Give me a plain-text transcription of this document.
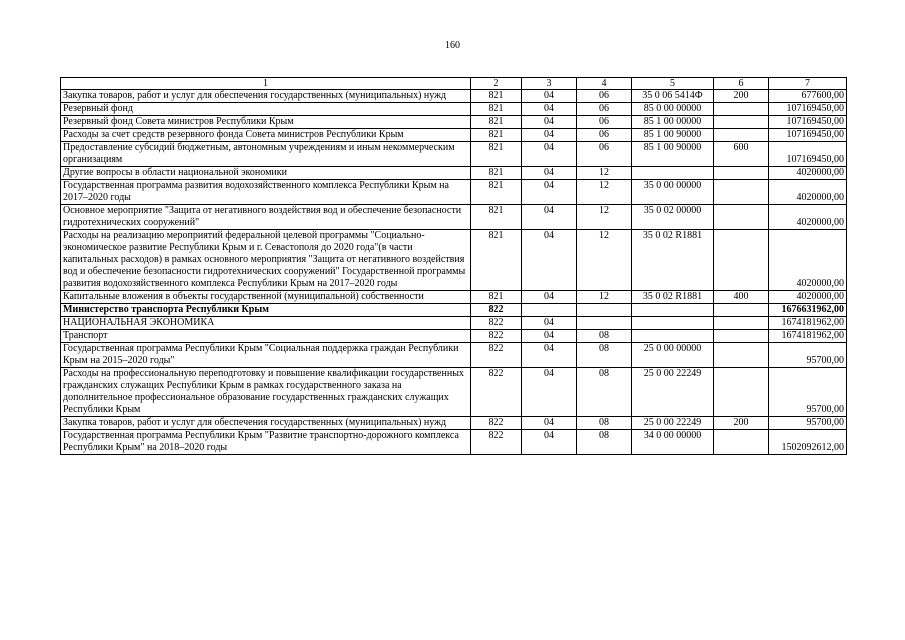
160
1	2	3	4	5	6	7
Закупка товаров, работ и услуг для обеспечения государственных (муниципальных) нужд	821	04	06	35 0 06 5414Ф	200	677600,00
Резервный фонд	821	04	06	85 0 00 00000		107169450,00
Резервный фонд Совета министров Республики Крым	821	04	06	85 1 00 00000		107169450,00
Расходы за счет средств резервного фонда Совета министров Республики Крым	821	04	06	85 1 00 90000		107169450,00
Предоставление субсидий бюджетным, автономным учреждениям и иным некоммерческим организациям	821	04	06	85 1 00 90000	600	107169450,00
Другие вопросы в области национальной экономики	821	04	12			4020000,00
Государственная программа развития водохозяйственного комплекса Республики Крым на 2017–2020 годы	821	04	12	35 0 00 00000		4020000,00
Основное мероприятие "Защита от негативного воздействия вод и обеспечение безопасности гидротехнических сооружений"	821	04	12	35 0 02 00000		4020000,00
Расходы на реализацию мероприятий федеральной целевой программы "Социально-экономическое развитие Республики Крым и г. Севастополя до 2020 года"(в части капитальных расходов) в рамках основного мероприятия "Защита от негативного воздействия вод и обеспечение безопасности гидротехнических сооружений" Государственной программы развития водохозяйственного комплекса Республики Крым на 2017–2020 годы	821	04	12	35 0 02 R1881		4020000,00
Капитальные вложения в объекты государственной (муниципальной) собственности	821	04	12	35 0 02 R1881	400	4020000,00
Министерство транспорта Республики Крым	822					1676631962,00
НАЦИОНАЛЬНАЯ ЭКОНОМИКА	822	04				1674181962,00
Транспорт	822	04	08			1674181962,00
Государственная программа Республики Крым "Социальная поддержка граждан Республики Крым на 2015–2020 годы"	822	04	08	25 0 00 00000		95700,00
Расходы на профессиональную переподготовку и повышение квалификации государственных гражданских служащих Республики Крым в рамках государственного заказа на дополнительное профессиональное образование государственных гражданских служащих Республики Крым	822	04	08	25 0 00 22249		95700,00
Закупка товаров, работ и услуг для обеспечения государственных (муниципальных) нужд	822	04	08	25 0 00 22249	200	95700,00
Государственная программа Республики Крым "Развитие транспортно-дорожного комплекса Республики Крым" на 2018–2020 годы	822	04	08	34 0 00 00000		1502092612,00
